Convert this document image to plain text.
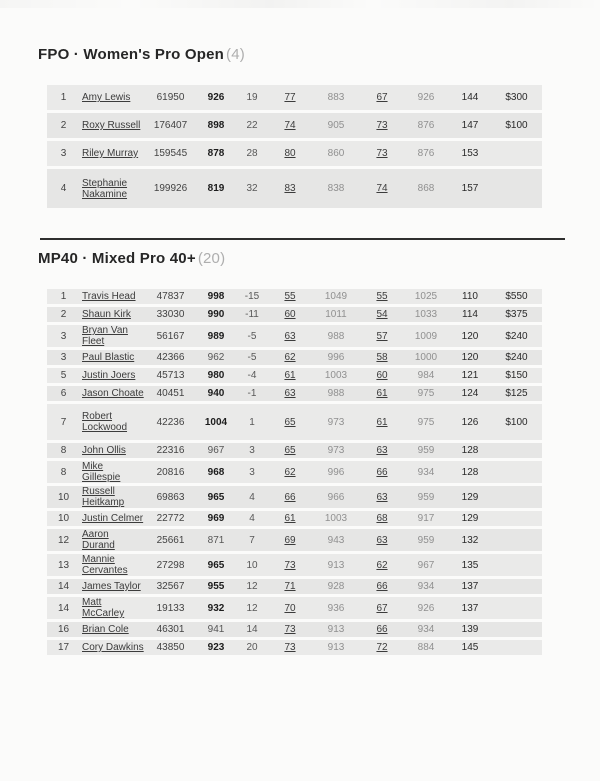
FPO · Women's Pro Open (4)
1	Amy Lewis	61950	926	19	77	883	67	926	144	$300
2	Roxy Russell	176407	898	22	74	905	73	876	147	$100
3	Riley Murray	159545	878	28	80	860	73	876	153
4	Stephanie Nakamine	199926	819	32	83	838	74	868	157
MP40 · Mixed Pro 40+ (20)
1	Travis Head	47837	998	-15	55	1049	55	1025	110	$550
2	Shaun Kirk	33030	990	-11	60	1011	54	1033	114	$375
3	Bryan Van Fleet	56167	989	-5	63	988	57	1009	120	$240
3	Paul Blastic	42366	962	-5	62	996	58	1000	120	$240
5	Justin Joers	45713	980	-4	61	1003	60	984	121	$150
6	Jason Choate	40451	940	-1	63	988	61	975	124	$125
7	Robert Lockwood	42236	1004	1	65	973	61	975	126	$100
8	John Ollis	22316	967	3	65	973	63	959	128
8	Mike Gillespie	20816	968	3	62	996	66	934	128
10	Russell Heitkamp	69863	965	4	66	966	63	959	129
10	Justin Celmer	22772	969	4	61	1003	68	917	129
12	Aaron Durand	25661	871	7	69	943	63	959	132
13	Mannie Cervantes	27298	965	10	73	913	62	967	135
14	James Taylor	32567	955	12	71	928	66	934	137
14	Matt McCarley	19133	932	12	70	936	67	926	137
16	Brian Cole	46301	941	14	73	913	66	934	139
17	Cory Dawkins	43850	923	20	73	913	72	884	145
